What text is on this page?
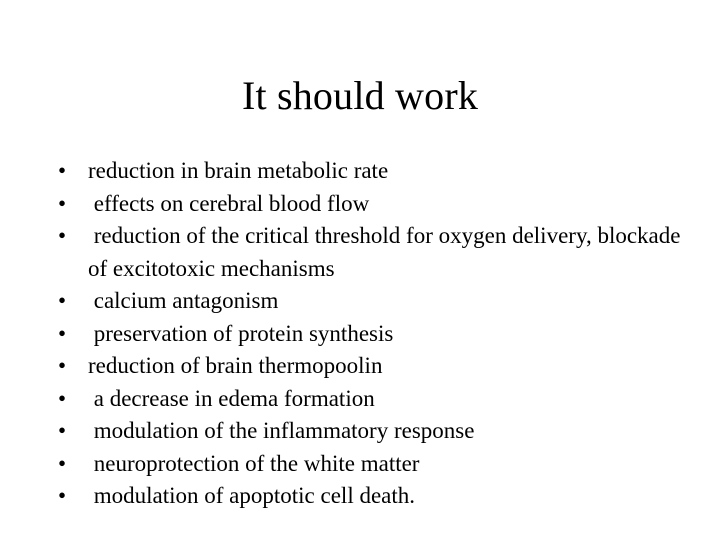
It should work
• reduction in brain metabolic rate
• effects on cerebral blood flow
• reduction of the critical threshold for oxygen delivery, blockade of excitotoxic mechanisms
• calcium antagonism
• preservation of protein synthesis
• reduction of brain thermopoolin
• a decrease in edema formation
• modulation of the inflammatory response
• neuroprotection of the white matter
• modulation of apoptotic cell death.
